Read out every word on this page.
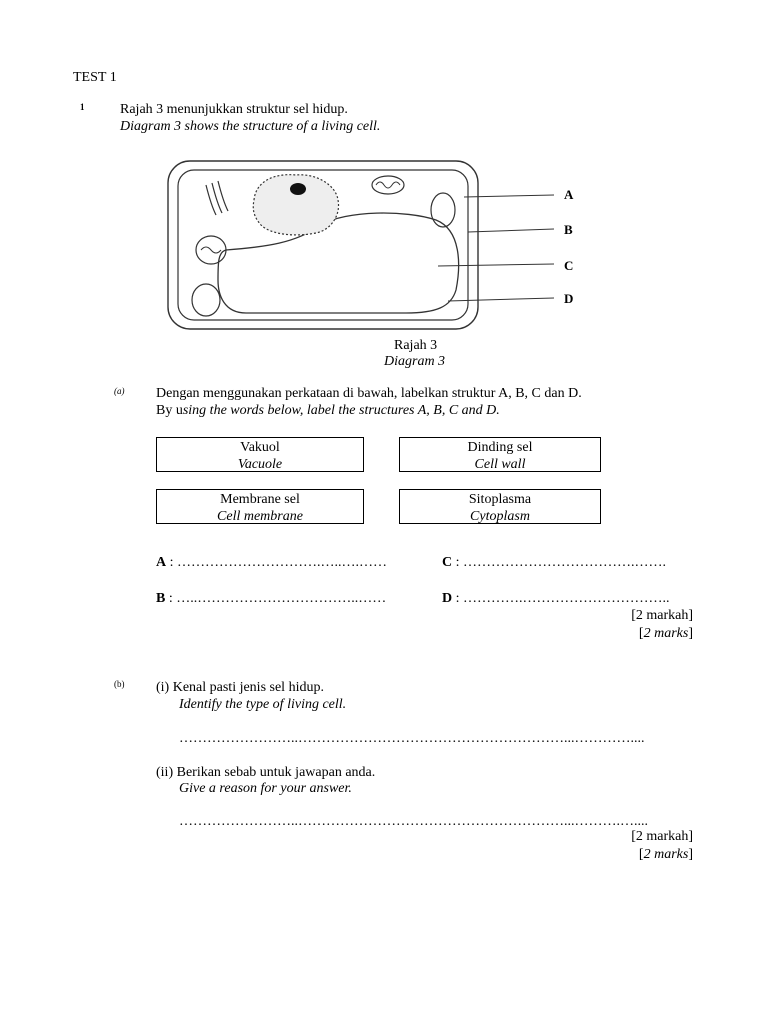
TEST 1
1	Rajah 3 menunjukkan struktur sel hidup.
Diagram 3 shows the structure of a living cell.
A
B
C
D
Rajah 3
Diagram 3
(a) Dengan menggunakan perkataan di bawah, labelkan struktur A, B, C dan D.
By using the words below, label the structures A, B, C and D.
Vakuol
Vacuole
Dinding sel
Cell wall
Membrane sel
Cell membrane
Sitoplasma
Cytoplasm
A : ………………………….…..….……	C : ……………………………….…….
B : …..……………………………..……	D : ………….…………………………..
[2 markah]
[2 marks]
(b) (i) Kenal pasti jenis sel hidup.
Identify the type of living cell.
……………………..…………………………………………………...…………....
(ii) Berikan sebab untuk jawapan anda.
Give a reason for your answer.
……………………..…………………………………………………...……….…....
[2 markah]
[2 marks]
